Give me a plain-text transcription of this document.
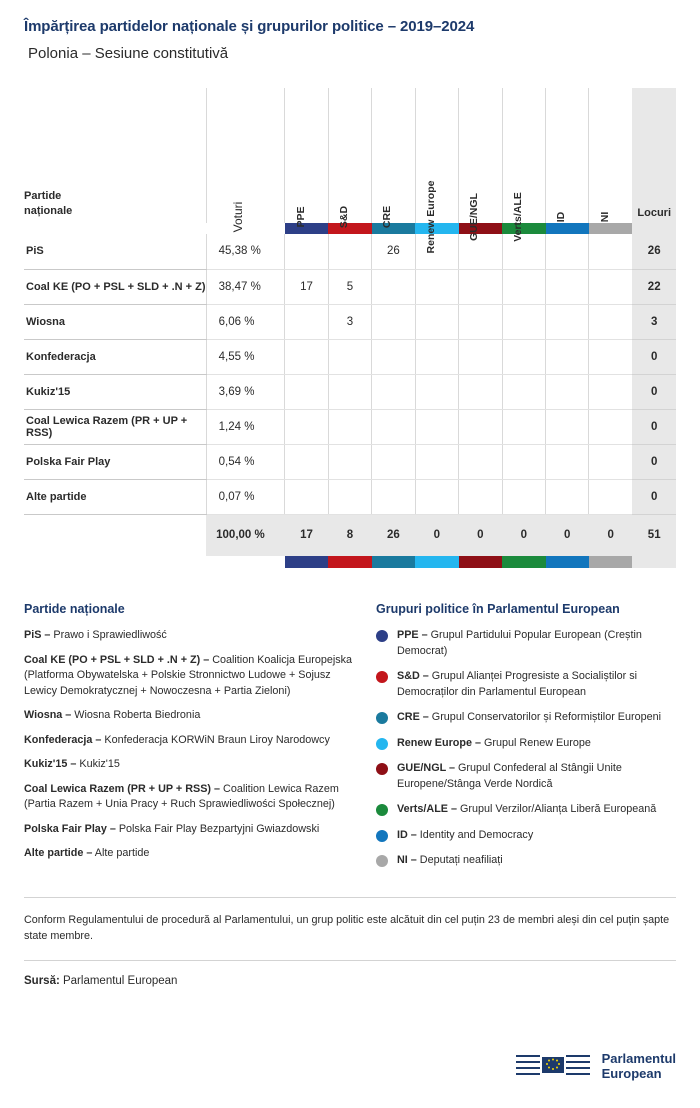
Împărțirea partidelor naționale și grupurilor politice – 2019–2024
Polonia – Sesiune constitutivă
Partide
naționale	Voturi	PPE	S&D	CRE	Renew Europe	GUE/NGL	Verts/ALE	ID	NI	Locuri

PiS	45,38 %			26						26
Coal KE (PO + PSL + SLD + .N + Z)	38,47 %	17	5							22
Wiosna	6,06 %		3							3
Konfederacja	4,55 %									0
Kukiz'15	3,69 %									0
Coal Lewica Razem (PR + UP + RSS)	1,24 %									0
Polska Fair Play	0,54 %									0
Alte partide	0,07 %									0
	100,00 %	17	8	26	0	0	0	0	0	51

Partide naționale
PiS – Prawo i Sprawiedliwość
Coal KE (PO + PSL + SLD + .N + Z) – Coalition Koalicja Europejska (Platforma Obywatelska + Polskie Stronnictwo Ludowe + Sojusz Lewicy Demokratycznej + Nowoczesna + Partia Zieloni)
Wiosna – Wiosna Roberta Biedronia
Konfederacja – Konfederacja KORWiN Braun Liroy Narodowcy
Kukiz'15 – Kukiz'15
Coal Lewica Razem (PR + UP + RSS) – Coalition Lewica Razem (Partia Razem + Unia Pracy + Ruch Sprawiedliwości Społecznej)
Polska Fair Play – Polska Fair Play Bezpartyjni Gwiazdowski
Alte partide – Alte partide
Grupuri politice în Parlamentul European
PPE – Grupul Partidului Popular European (Creștin Democrat)
S&D – Grupul Alianței Progresiste a Socialiștilor si Democraților din Parlamentul European
CRE – Grupul Conservatorilor și Reformiștilor Europeni
Renew Europe – Grupul Renew Europe
GUE/NGL – Grupul Confederal al Stângii Unite Europene/Stânga Verde Nordică
Verts/ALE – Grupul Verzilor/Alianța Liberă Europeană
ID – Identity and Democracy
NI – Deputați neafiliați
Conform Regulamentului de procedură al Parlamentului, un grup politic este alcătuit din cel puțin 23 de membri aleși din cel puțin șapte state membre.
Sursă: Parlamentul European
Parlamentul
European
